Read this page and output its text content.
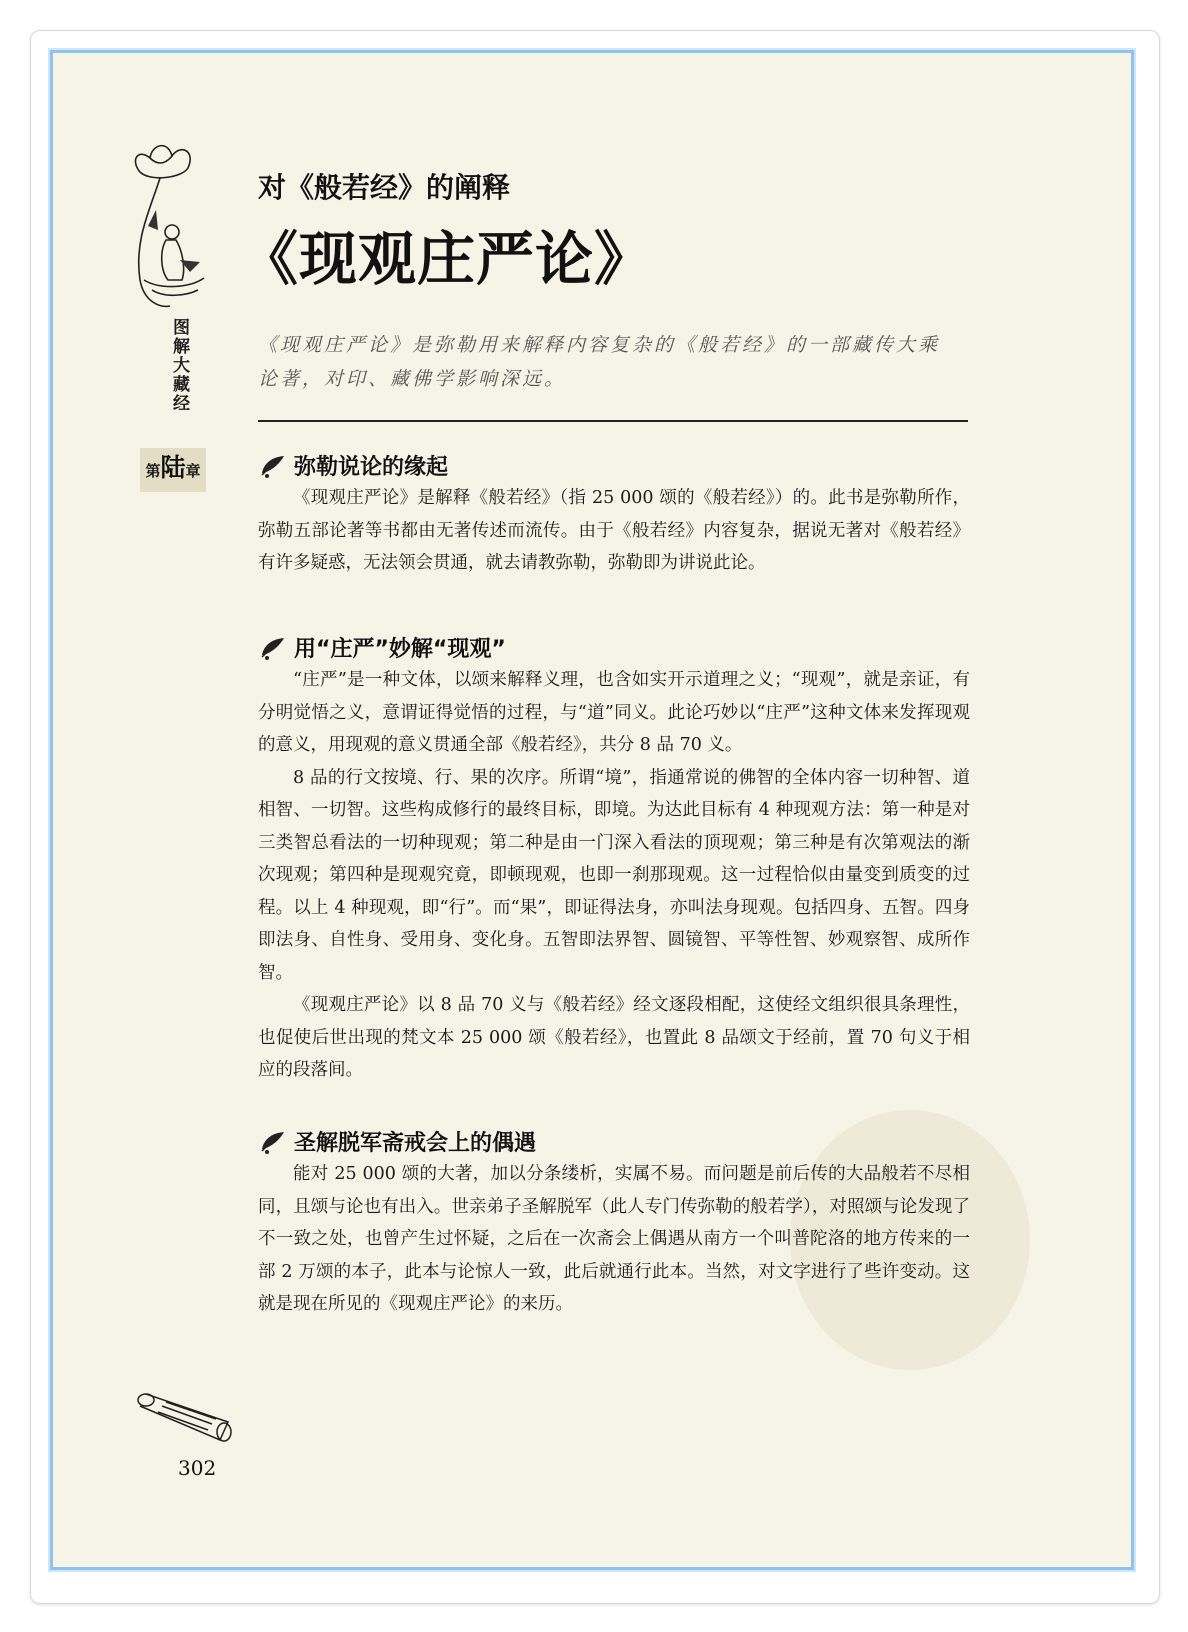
图解大藏经
第 陆 章
对《般若经》的阐释
《现观庄严论》
《现观庄严论》是弥勒用来解释内容复杂的《般若经》的一部藏传大乘论著，对印、藏佛学影响深远。
弥勒说论的缘起

《现观庄严论》是解释《般若经》（指 25 000 颂的《般若经》）的。此书是弥勒所作，弥勒五部论著等书都由无著传述而流传。由于《般若经》内容复杂，据说无著对《般若经》有许多疑惑，无法领会贯通，就去请教弥勒，弥勒即为讲说此论。

用“庄严”妙解“现观”

“庄严”是一种文体，以颂来解释义理，也含如实开示道理之义；“现观”，就是亲证，有分明觉悟之义，意谓证得觉悟的过程，与“道”同义。此论巧妙以“庄严”这种文体来发挥现观的意义，用现观的意义贯通全部《般若经》，共分 8 品 70 义。

8 品的行文按境、行、果的次序。所谓“境”，指通常说的佛智的全体内容一切种智、道相智、一切智。这些构成修行的最终目标，即境。为达此目标有 4 种现观方法：第一种是对三类智总看法的一切种现观；第二种是由一门深入看法的顶现观；第三种是有次第观法的渐次现观；第四种是现观究竟，即顿现观，也即一刹那现观。这一过程恰似由量变到质变的过程。以上 4 种现观，即“行”。而“果”，即证得法身，亦叫法身现观。包括四身、五智。四身即法身、自性身、受用身、变化身。五智即法界智、圆镜智、平等性智、妙观察智、成所作智。

《现观庄严论》以 8 品 70 义与《般若经》经文逐段相配，这使经文组织很具条理性，也促使后世出现的梵文本 25 000 颂《般若经》，也置此 8 品颂文于经前，置 70 句义于相应的段落间。

圣解脱军斋戒会上的偶遇

能对 25 000 颂的大著，加以分条缕析，实属不易。而问题是前后传的大品般若不尽相同，且颂与论也有出入。世亲弟子圣解脱军（此人专门传弥勒的般若学），对照颂与论发现了不一致之处，也曾产生过怀疑，之后在一次斋会上偶遇从南方一个叫普陀洛的地方传来的一部 2 万颂的本子，此本与论惊人一致，此后就通行此本。当然，对文字进行了些许变动。这就是现在所见的《现观庄严论》的来历。

302
